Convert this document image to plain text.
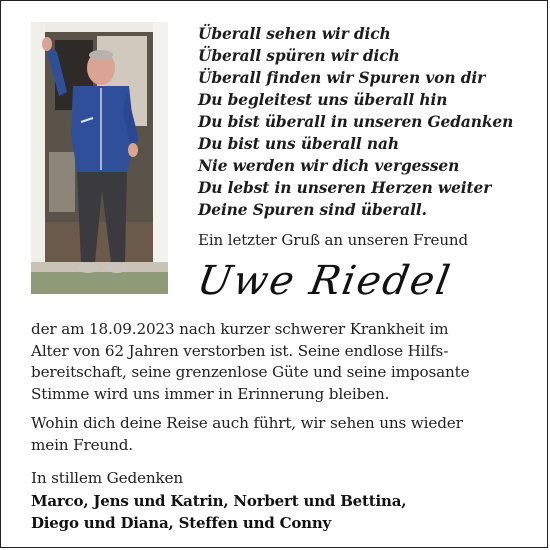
Überall sehen wir dich
Überall spüren wir dich
Überall finden wir Spuren von dir
Du begleitest uns überall hin
Du bist überall in unseren Gedanken
Du bist uns überall nah
Nie werden wir dich vergessen
Du lebst in unseren Herzen weiter
Deine Spuren sind überall.
Ein letzter Gruß an unseren Freund
Uwe Riedel
der am 18.09.2023 nach kurzer schwerer Krankheit im
Alter von 62 Jahren verstorben ist. Seine endlose Hilfs-
bereitschaft, seine grenzenlose Güte und seine imposante
Stimme wird uns immer in Erinnerung bleiben.
Wohin dich deine Reise auch führt, wir sehen uns wieder
mein Freund.
In stillem Gedenken
Marco, Jens und Katrin, Norbert und Bettina,
Diego und Diana, Steffen und Conny
